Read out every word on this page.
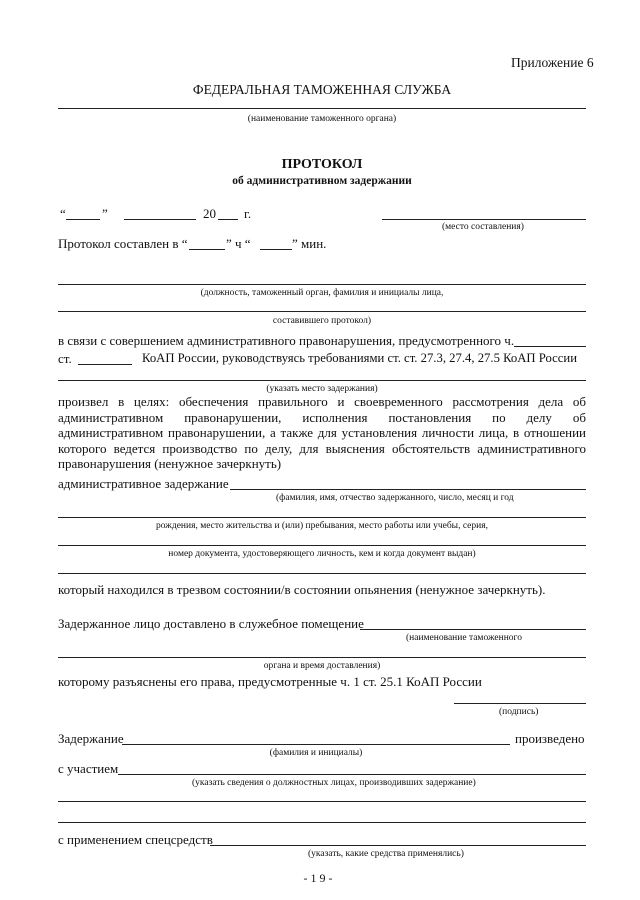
Приложение 6
ФЕДЕРАЛЬНАЯ ТАМОЖЕННАЯ СЛУЖБА
(наименование таможенного органа)
ПРОТОКОЛ
об административном задержании
“	”	20 г.
(место составления)
Протокол составлен в “	” ч “	” мин.
(должность, таможенный орган, фамилия и инициалы лица,
составившего протокол)
в связи с совершением административного правонарушения, предусмотренного ч.
ст.	КоАП России, руководствуясь требованиями ст. ст. 27.3, 27.4, 27.5 КоАП России
(указать место задержания)
произвел в целях: обеспечения правильного и своевременного рассмотрения дела об административном правонарушении, исполнения постановления по делу об административном правонарушении, а также для установления личности лица, в отношении которого ведется производство по делу, для выяснения обстоятельств административного правонарушения (ненужное зачеркнуть)
административное задержание
(фамилия, имя, отчество задержанного, число, месяц и год
рождения, место жительства и (или) пребывания, место работы или учебы, серия,
номер документа, удостоверяющего личность, кем и когда документ выдан)
который находился в трезвом состоянии/в состоянии опьянения (ненужное зачеркнуть).
Задержанное лицо доставлено в служебное помещение
(наименование таможенного
органа и время доставления)
которому разъяснены его права, предусмотренные ч. 1 ст. 25.1 КоАП России
(подпись)
Задержание	произведено
(фамилия и инициалы)
с участием
(указать сведения о должностных лицах, производивших задержание)
с применением спецсредств
(указать, какие средства применялись)
- 1 9 -
